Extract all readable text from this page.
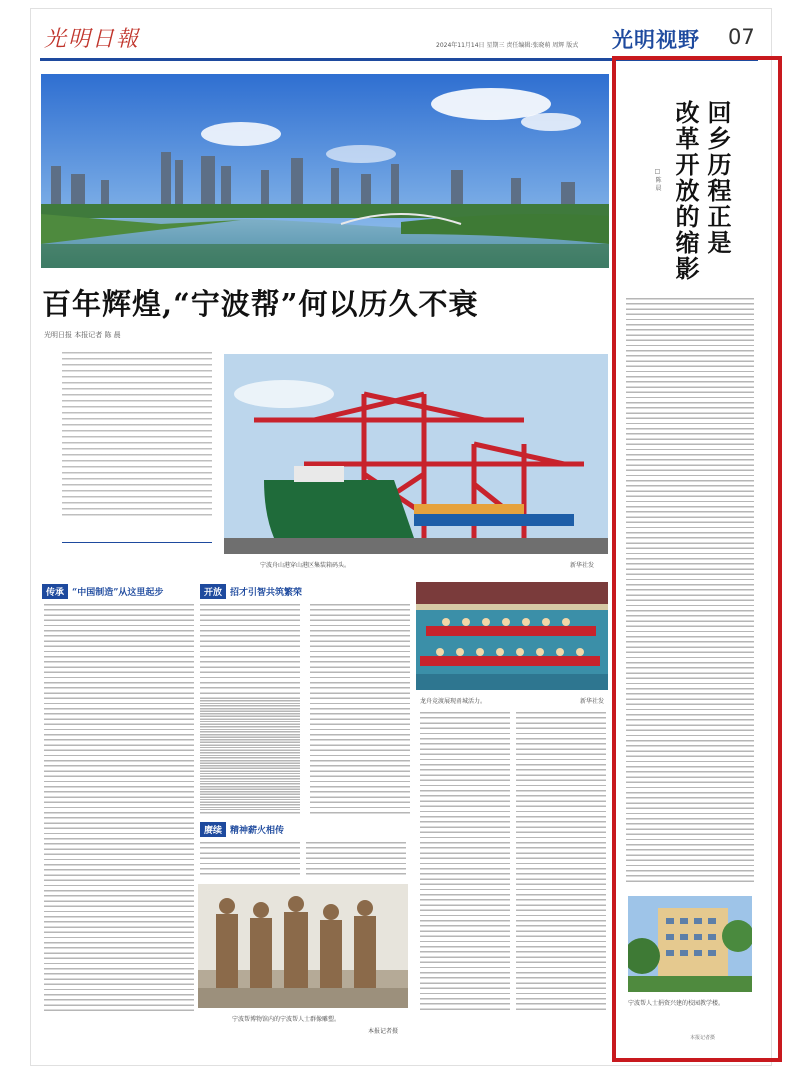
光明日報	2024年11月14日 星期三 责任编辑:张晓萌 周辉 版式 光明视野 07
百年辉煌,“宁波帮”何以历久不衰
光明日报 本报记者 陈 晨
宁波舟山港穿山港区集装箱码头。	新华社发
传承 “中国制造”从这里起步	开放 招才引智共筑繁荣
龙舟竞渡展现甬城活力。	新华社发
赓续 精神薪火相传
宁波帮博物馆内的宁波帮人士群像雕塑。
本报记者摄
回乡历程正是
改革开放的缩影
□ 陈 晨
宁波帮人士捐资兴建的校园教学楼。
本报记者摄
